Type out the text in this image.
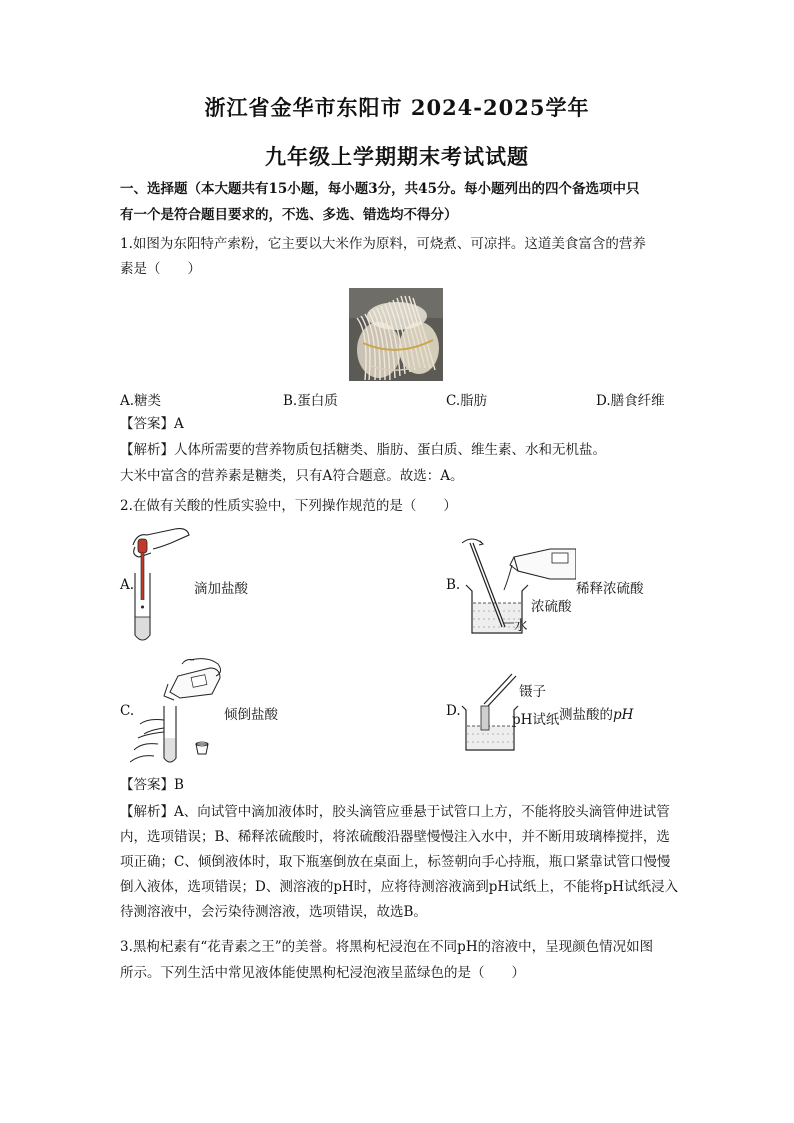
浙江省金华市东阳市 2024-2025学年
九年级上学期期末考试试题
一、选择题（本大题共有15小题，每小题3分，共45分。每小题列出的四个备选项中只
有一个是符合题目要求的，不选、多选、错选均不得分）
1.如图为东阳特产索粉，它主要以大米作为原料，可烧煮、可凉拌。这道美食富含的营养
素是（　　）
A.糖类	B.蛋白质	C.脂肪	D.膳食纤维
【答案】A
【解析】人体所需要的营养物质包括糖类、脂肪、蛋白质、维生素、水和无机盐。
大米中富含的营养素是糖类，只有A符合题意。故选：A。
2.在做有关酸的性质实验中，下列操作规范的是（　　）
A.	滴加盐酸	B.	稀释浓硫酸
浓硫酸
水
C.	倾倒盐酸	D.
镊子
pH试纸 测盐酸的pH
【答案】B
【解析】A、向试管中滴加液体时，胶头滴管应垂悬于试管口上方，不能将胶头滴管伸进试管内，选项错误；B、稀释浓硫酸时，将浓硫酸沿器壁慢慢注入水中，并不断用玻璃棒搅拌，选项正确；C、倾倒液体时，取下瓶塞倒放在桌面上，标签朝向手心持瓶，瓶口紧靠试管口慢慢倒入液体，选项错误；D、测溶液的pH时，应将待测溶液滴到pH试纸上，不能将pH试纸浸入待测溶液中，会污染待测溶液，选项错误，故选B。
3.黑枸杞素有“花青素之王”的美誉。将黑枸杞浸泡在不同pH的溶液中，呈现颜色情况如图
所示。下列生活中常见液体能使黑枸杞浸泡液呈蓝绿色的是（　　）
